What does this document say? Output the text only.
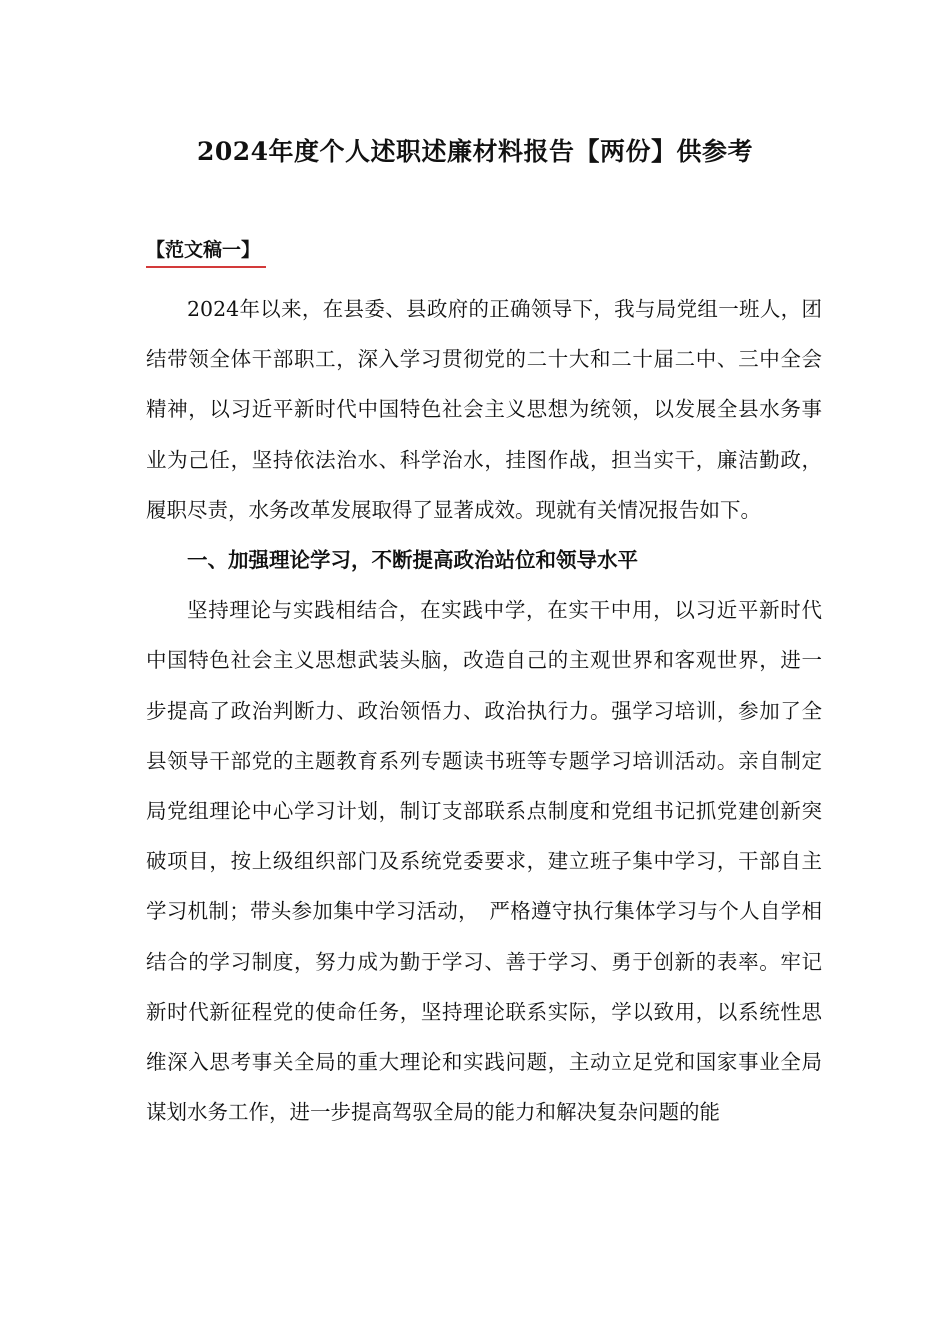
2024年度个人述职述廉材料报告【两份】供参考
【范文稿一】

2024年以来，在县委、县政府的正确领导下，我与局党组一班人，团结带领全体干部职工，深入学习贯彻党的二十大和二十届二中、三中全会精神，以习近平新时代中国特色社会主义思想为统领，以发展全县水务事业为己任，坚持依法治水、科学治水，挂图作战，担当实干，廉洁勤政，履职尽责，水务改革发展取得了显著成效。现就有关情况报告如下。

一、加强理论学习，不断提高政治站位和领导水平

坚持理论与实践相结合，在实践中学，在实干中用，以习近平新时代中国特色社会主义思想武装头脑，改造自己的主观世界和客观世界，进一步提高了政治判断力、政治领悟力、政治执行力。强学习培训，参加了全县领导干部党的主题教育系列专题读书班等专题学习培训活动。亲自制定局党组理论中心学习计划，制订支部联系点制度和党组书记抓党建创新突破项目，按上级组织部门及系统党委要求，建立班子集中学习，干部自主学习机制；带头参加集中学习活动，　严格遵守执行集体学习与个人自学相结合的学习制度，努力成为勤于学习、善于学习、勇于创新的表率。牢记新时代新征程党的使命任务，坚持理论联系实际，学以致用，以系统性思维深入思考事关全局的重大理论和实践问题，主动立足党和国家事业全局谋划水务工作，进一步提高驾驭全局的能力和解决复杂问题的能
